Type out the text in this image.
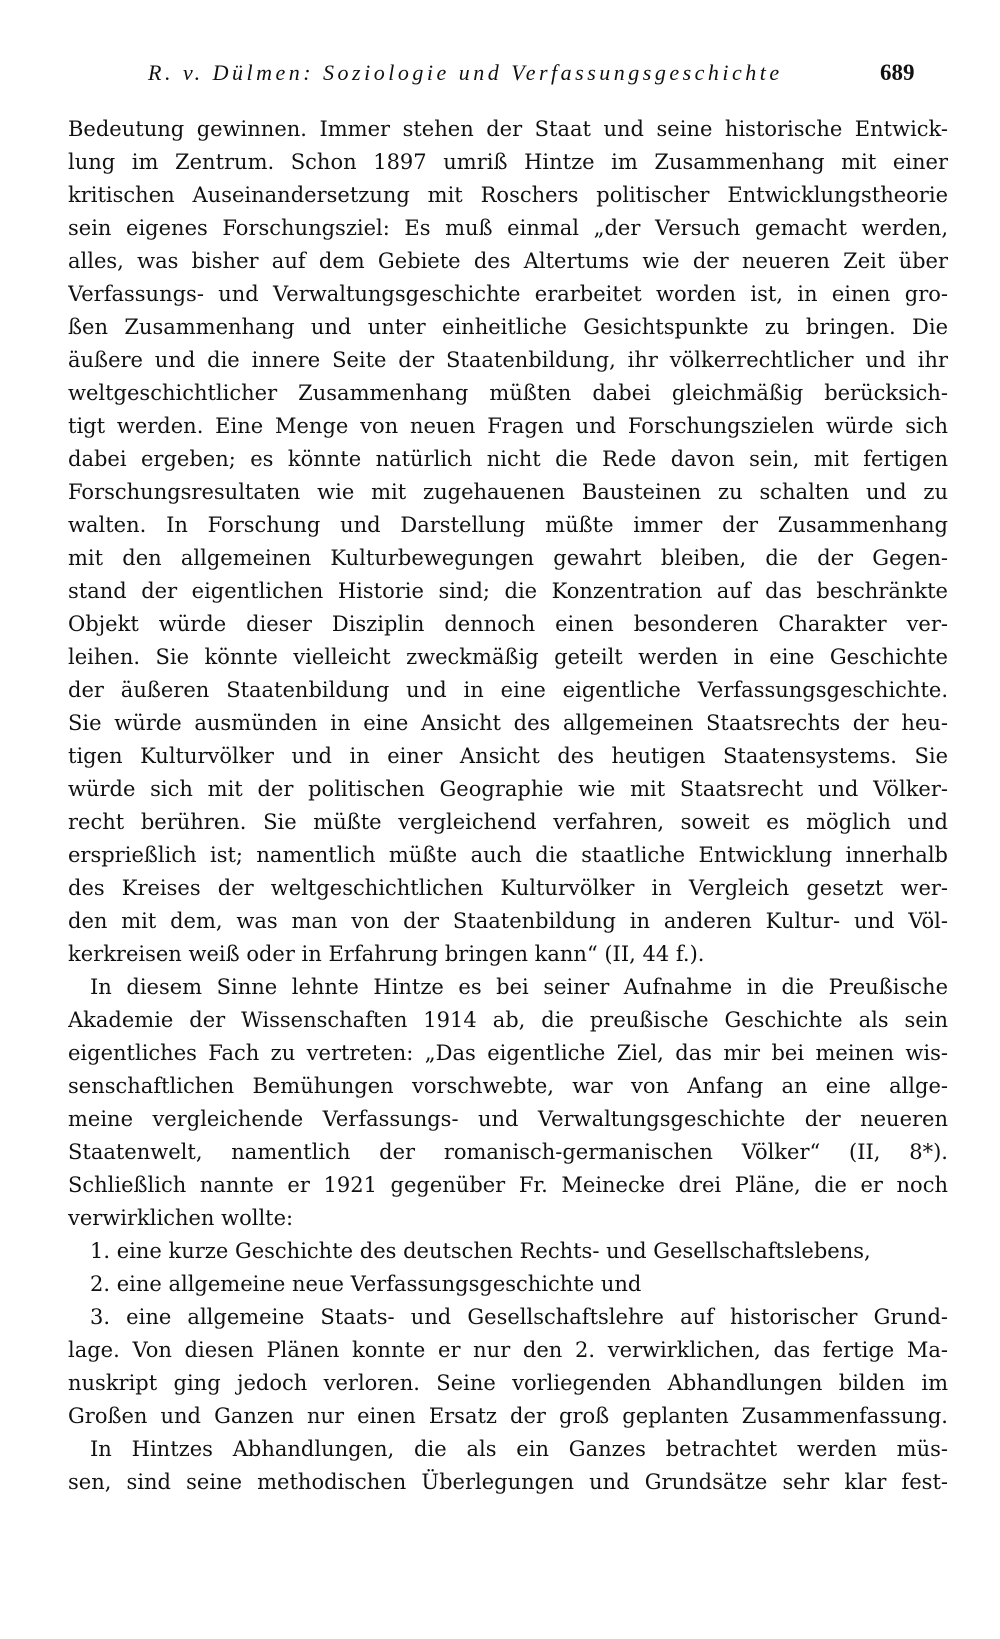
R. v. Dülmen: Soziologie und Verfassungsgeschichte	689
Bedeutung gewinnen. Immer stehen der Staat und seine historische Entwick-
lung im Zentrum. Schon 1897 umriß Hintze im Zusammenhang mit einer
kritischen Auseinandersetzung mit Roschers politischer Entwicklungstheorie
sein eigenes Forschungsziel: Es muß einmal „der Versuch gemacht werden,
alles, was bisher auf dem Gebiete des Altertums wie der neueren Zeit über
Verfassungs- und Verwaltungsgeschichte erarbeitet worden ist, in einen gro-
ßen Zusammenhang und unter einheitliche Gesichtspunkte zu bringen. Die
äußere und die innere Seite der Staatenbildung, ihr völkerrechtlicher und ihr
weltgeschichtlicher Zusammenhang müßten dabei gleichmäßig berücksich-
tigt werden. Eine Menge von neuen Fragen und Forschungszielen würde sich
dabei ergeben; es könnte natürlich nicht die Rede davon sein, mit fertigen
Forschungsresultaten wie mit zugehauenen Bausteinen zu schalten und zu
walten. In Forschung und Darstellung müßte immer der Zusammenhang
mit den allgemeinen Kulturbewegungen gewahrt bleiben, die der Gegen-
stand der eigentlichen Historie sind; die Konzentration auf das beschränkte
Objekt würde dieser Disziplin dennoch einen besonderen Charakter ver-
leihen. Sie könnte vielleicht zweckmäßig geteilt werden in eine Geschichte
der äußeren Staatenbildung und in eine eigentliche Verfassungsgeschichte.
Sie würde ausmünden in eine Ansicht des allgemeinen Staatsrechts der heu-
tigen Kulturvölker und in einer Ansicht des heutigen Staatensystems. Sie
würde sich mit der politischen Geographie wie mit Staatsrecht und Völker-
recht berühren. Sie müßte vergleichend verfahren, soweit es möglich und
ersprießlich ist; namentlich müßte auch die staatliche Entwicklung innerhalb
des Kreises der weltgeschichtlichen Kulturvölker in Vergleich gesetzt wer-
den mit dem, was man von der Staatenbildung in anderen Kultur- und Völ-
kerkreisen weiß oder in Erfahrung bringen kann“ (II, 44 f.).
In diesem Sinne lehnte Hintze es bei seiner Aufnahme in die Preußische
Akademie der Wissenschaften 1914 ab, die preußische Geschichte als sein
eigentliches Fach zu vertreten: „Das eigentliche Ziel, das mir bei meinen wis-
senschaftlichen Bemühungen vorschwebte, war von Anfang an eine allge-
meine vergleichende Verfassungs- und Verwaltungsgeschichte der neueren
Staatenwelt, namentlich der romanisch-germanischen Völker“ (II, 8*).
Schließlich nannte er 1921 gegenüber Fr. Meinecke drei Pläne, die er noch
verwirklichen wollte:
1. eine kurze Geschichte des deutschen Rechts- und Gesellschaftslebens,
2. eine allgemeine neue Verfassungsgeschichte und
3. eine allgemeine Staats- und Gesellschaftslehre auf historischer Grund-
lage. Von diesen Plänen konnte er nur den 2. verwirklichen, das fertige Ma-
nuskript ging jedoch verloren. Seine vorliegenden Abhandlungen bilden im
Großen und Ganzen nur einen Ersatz der groß geplanten Zusammenfassung.
In Hintzes Abhandlungen, die als ein Ganzes betrachtet werden müs-
sen, sind seine methodischen Überlegungen und Grundsätze sehr klar fest-
